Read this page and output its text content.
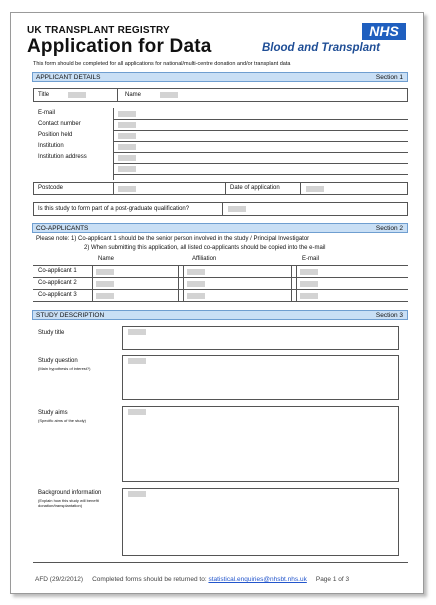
UK TRANSPLANT REGISTRY
Application for Data
NHS
Blood and Transplant
This form should be completed for all applications for national/multi-centre donation and/or transplant data
APPLICANT DETAILS	Section 1
Title	Name
E-mail
Contact number
Position held
Institution
Institution address
Postcode	Date of application
Is this study to form part of a post-graduate qualification?
CO-APPLICANTS	Section 2
Please note: 1) Co-applicant 1 should be the senior person involved in the study / Principal Investigator
2) When submitting this application, all listed co-applicants should be copied into the e-mail
Name	Affiliation	E-mail
Co-applicant 1
Co-applicant 2
Co-applicant 3
STUDY DESCRIPTION	Section 3
Study title
Study question
(Main hypothesis of interest?)
Study aims
(Specific aims of the study)
Background information
(Explain how this study will benefit donation/transplantation)
AFD (29/2/2012) Completed forms should be returned to: statistical.enquiries@nhsbt.nhs.uk Page 1 of 3
